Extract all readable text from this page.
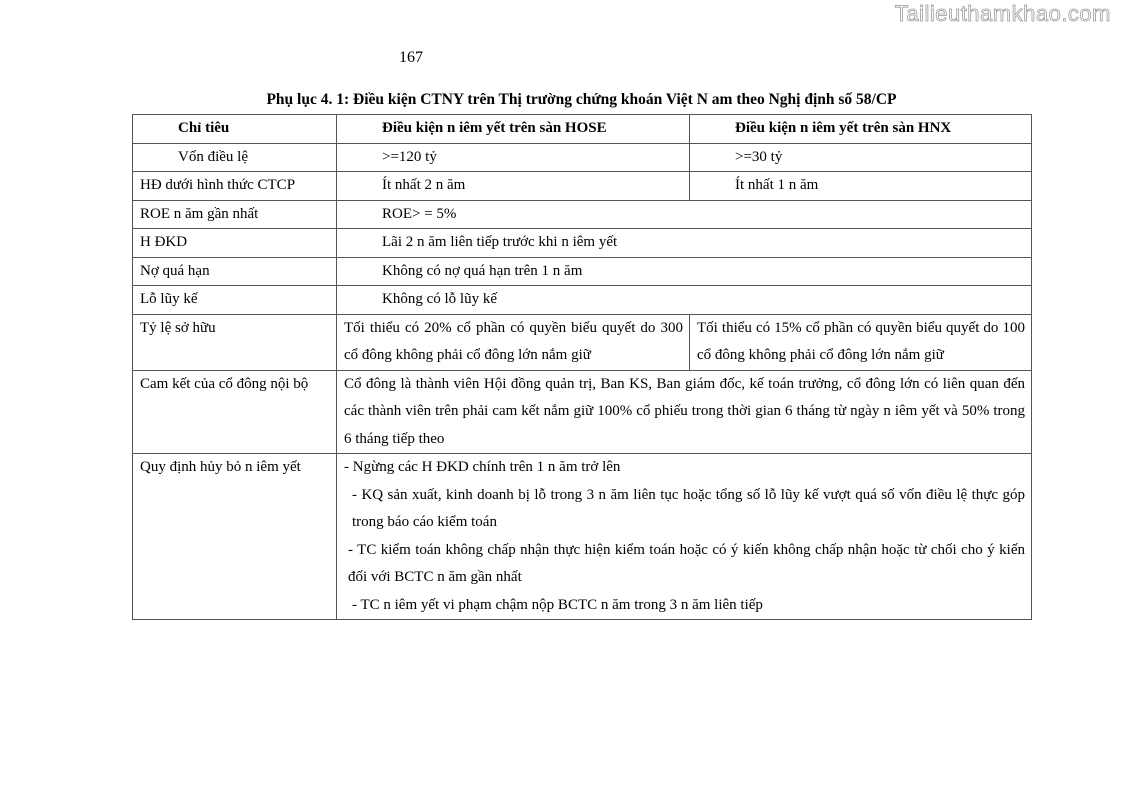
Tailieuthamkhao.com
167
Phụ lục 4. 1: Điều kiện CTNY trên Thị trường chứng khoán Việt N am theo Nghị định số 58/CP
Chỉ tiêu	Điều kiện n iêm yết trên sàn HOSE	Điều kiện n iêm yết trên sàn HNX
Vốn điều lệ	>=120 tỷ	>=30 tỷ
HĐ dưới hình thức CTCP	Ít nhất 2 n ăm	Ít nhất 1 n ăm
ROE n ăm gần nhất	ROE> = 5%	
H ĐKD	Lãi 2 n ăm liên tiếp trước khi n iêm yết	
Nợ quá hạn	Không có nợ quá hạn trên 1 n ăm	
Lỗ lũy kế	Không có lỗ lũy kế	
Tỷ lệ sở hữu	Tối thiểu có 20% cổ phần có quyền biểu quyết do 300 cổ đông không phải cổ đông lớn nắm giữ	Tối thiểu có 15% cổ phần có quyền biểu quyết do 100 cổ đông không phải cổ đông lớn nắm giữ
Cam kết của cổ đông nội bộ	Cổ đông là thành viên Hội đồng quản trị, Ban KS, Ban giám đốc, kế toán trưởng, cổ đông lớn có liên quan đến các thành viên trên phải cam kết nắm giữ 100% cổ phiếu trong thời gian 6 tháng từ ngày n iêm yết và 50% trong 6 tháng tiếp theo	
Quy định hủy bỏ n iêm yết	- Ngừng các H ĐKD chính trên 1 n ăm trở lên
- KQ sản xuất, kinh doanh bị lỗ trong 3 n ăm liên tục hoặc tổng số lỗ lũy kế vượt quá số vốn điều lệ thực góp trong báo cáo kiểm toán
- TC kiểm toán không chấp nhận thực hiện kiểm toán hoặc có ý kiến không chấp nhận hoặc từ chối cho ý kiến đối với BCTC n ăm gần nhất
- TC n iêm yết vi phạm chậm nộp BCTC n ăm trong 3 n ăm liên tiếp	
